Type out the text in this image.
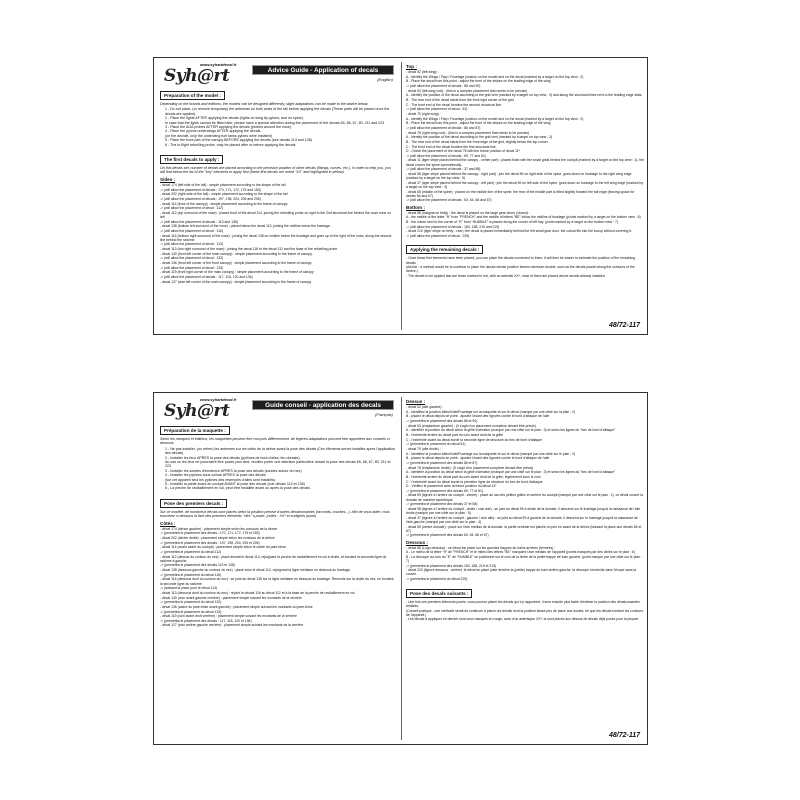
www.syhartdecal.fr
Syh@rt	Advice Guide - Application of decals
(English)
Preparation of the model :

Depending on the brands and editions, the models can be designed differently, slight adaptations can be made to the advice below.

1 - Do not place, (or remove temporary) the antennas on both sides of the tail before applying the decals (These parts will be placed once the decals are applied).
2 - Place the lights AFTER applying the decals (lights on wing tip pylons, and on spine).
In case that the lights cannot be fitted later, please have a special attention during the placement of the decals 65, 66, 67, 80, 211 and 223
3 - Place the AOA probes AFTER applying the decals (probes around the nose).
4 - Place the pylons underwings AFTER applying the decals.
(on the aircraft, only the underwing fuel tanks pylons were installed)
5 - Place the front part of the canopy BEFORE applying the decals (see decals 114 and 136)
6 - The in-flight refuelling probe, may be placed after or before applying the decals
The first decals to apply :

On this decals set, number of decals are placed according to the precision position of other decals (fittings, curves, etc.). In order to help you, you will find below the list of the "key" elements to apply first (these first decals are noted "XX" and highlighted in yellow).

Sides :

- decal 174 (left side of the tail) : simple placement according to the shape of the tail

-> (will allow the placement of decals : 170, 171, 172, 175 and 183)

- decal 202 (right side of the tail) : simple placement according to the shape of the tail

-> (will allow the placement of decals : 197, 198, 204, 205 and 206)

- decal 114 (front of the canopy) : simple placement according to the frame of canopy.

-> (will allow the placement of decal : 112)

- decal 112 (top surround of the nose) : placed front of the decal 114, joining the refuelling probe on right to the 2nd structural line behind the nose cone on left

-> (will allow the placement of decals : 113 and 138)

- decal 138 (bottom left surround of the nose) : placed below the decal 112, joining the midline below the fuselage.

-> (will allow the placement of decal : 116)

- decal 116 (bottom right surround of the nose) : joining the decal 138 on midline below the fuselage and goes up to the right of the nose, along the second line behind the radome

-> (will allow the placement of decal : 113)

- decal 113 (low right surround of the nose) : joining the decal 116 to the decal 112 and the base of the refuelling probe

- decal 130 (front left corner of the main canopy) : simple placement according to the frame of canopy.

-> (will allow the placement of decal : 132)

- decal 136 (front left corner of the front canopy) : simple placement according to the frame of canopy.

-> (will allow the placement of decal : 133)

- decal 119 (front right corner of the main canopy) : simple placement according to the frame of canopy

-> (will allow the placement of decals : 117, 118, 120 and 136)

- decal 127 (rear left corner of the main canopy) : simple placement according to the frame of canopy

Top :

- decal 52 (left wing) :

A - Identify the Wings / Flap / Fuselage junction on the model and on the decal (marked by a target on the top view : 2)

B - Place the decal from this point - adjust the front of the stripes on the leading edge of the wing

-> (will allow the placement of decals : 88 and 90)

- decal 53 (left wing root) : (this is a complex placement that needs to be precise)

A - Identify the position of the decal according to the grid vent (marked by a target on top view : 3) and along the structural lines next to the leading edge slats.

B - The rear end of the decal starts from the front right corner of the grid.

C - The front end of the decal borders the second structural line.

-> (will allow the placement of decal : 51)

- decal 70 (right wing) :

A - Identify the Wings / Flap / Fuselage junction on the model and on the decal (marked by a target on the top view : 2)

B - Place the decal from this point - adjust the front of the stripes on the leading edge of the wing

-> (will allow the placement of decals : 86 and 87)

- decal 78 (right wing root) : (this is a complex placement that needs to be precise)

A - Identify the position of the decal according to the grid vent (marked by a target on top view : 3)

B - The rear end of the decal starts from the front edge of the grid, slightly below the top corner.

C - The front end of the decal borders the first structural line.

D - Check the placement of the decal 78 with the future position of decal 11*

-> (will allow the placement of decals : 69, 77 and 81)

- decal 11 (tiger stripe placed behind the canopy - center part) : placed flush with the small grids behind the cockpit (marked by a target on the top view : 1). the decal covers the spine symmetrically.

-> (will allow the placement of decals : 37 and 58)

- decal 58 (tiger stripe placed behind the canopy - right part) : join the decal 59 on right side of the spine, goes down on fuselage to the right wing edge (marked by a target on the top view : 5)

- decal 37 (tiger stripe placed behind the canopy - left part) : join the decal 59 on left side of the spine, goes down on fuselage to the left wing edge (marked by a target on the top view : 4)

- decal 65 (middle of the spine) : placed on the middle line of the spine, the rear of the middle part is fitted slightly forward the tail edge (leaving space for decals 66 and 67)

-> (will allow the placement of decals : 63, 64, 66 and 67)

Bottom :

- decal 88 (insignia on belly) : the decal is placed on the large gear doors (closed) :

A - the middle of the letter "H" from "FRENCH" and the middle of letters "BE" follow the midline of fuselage (points marked by a target on the bottom view : 6)

B - the cutout next to the corner of "E" from "HUMBLE" is placed along the corner of left bay. (point marked by a target on the bottom view : 7)

-> (will allow the placement of decals : 183, 188, 215 and 219)

- decal 210 (tiger stripe on belly - rear) :the decal is placed immediately behind the left small gear door, the cutout fits into the scoop without covering it.

-> (will allow the placement of decal : 225)

Applying the remaining decals :

- Once these first elements have been placed, you can place the decals connected to them, it will then be easier to estimate the position of the remaining decals

(Advice : a method would be to continue to place the decals whose position leaves minimum doubts, such as the decals placed along the contours of the device.)

- The decals to be applied last are those marked in red, with an asterisk XX*, most of them are placed above decals already installed

48/72-117
www.syhartdecal.fr
Syh@rt	Guide conseil - application des decals
(Français)
Préparation de la maquette :

Selon les marques et éditions, les maquettes peuvent être conçues différemment, de légères adaptations peuvent être apportées aux conseils ci-dessous.

1 - Ne pas installer, (ou retirer) les antennes sur les côtés de la dérive avant la pose des décals (Ces éléments seront installés après l'application des décals)
2 - Installer les feux APRES la pose des décals (pylônes de bout d'ailes, feu dorsale).
Au cas où les feux ne pourraient être posés plus tard, veuillez porter une attention particulière durant la pose des decals 65, 66, 67, 80, 211 et 223
3 - Installer les sondes d'incidence APRES la pose des décals (sondes autour du nez).
4 - Installer les pylônes sous voilure APRES la pose des décals
(sur cet appareil seul les pylônes des réservoirs d'ailes sont installés).
5 - Installer la partie avant du cockpit AVANT la pose des décals (voir décals 114 et 136)
6 - La perche de ravitaillement en vol, peut être installée avant ou après la pose des décals.
Pose des premiers decals :

Sur ce modèle, de nombreux décals sont placés selon la position précise d'autres décalcomanies (raccords, courbes...). Afin de vous aider, vous trouverez ci-dessous la liste des premiers éléments "clés" à poser. (notés : XX* et surlignés jaune)

Côtés :

- décal 174 (dérive gauche) : placement simple selon les contours de la dérive

-> (permettra le placement des décals : 170, 171, 172, 175 et 183)

- décal 202 (dérive droite) : placement simple selon les contours de la dérive

-> (permettra le placement des décals : 197, 198, 204, 205 et 206)

- décal 114 (avant cadre du cockpit) : placement simple selon le cadre du pare-brise.

-> (permettra le placement du décal 112)

- décal 112 (dessus du contour du nez) : placé devant le décal 114, rejoignant la perche de ravitaillement en vol à droite, et bordant la seconde ligne du radôme à gauche

-> (permettra le placement des décals 113 et 138)

- décal 138 (dessous gauche du contour du nez) : placé sous le décal 112, rejoignant la ligne médiane en dessous du fuselage.

-> (permettra le placement du décal 116)

- décal 116 (dessous droit du contour du nez) : se joint au décal 138 sur la ligne médiane en dessous du fuselage. Remonte sur la droite du nez, en bordant la seconde ligne du radôme

-> (laissant la place pour le décal 113)

- décal 113 (dessous droit du contour du nez) : rejoint le décals 116 au décal 112 et à la base de la perche de ravitaillement en vol.

- décal 130 (coin avant gauche verrière) : placement simple suivant les montants de la verrière

-> (permettra le placement du décal 132)

- décal 136 (cadre du pare-brise avant gauche) : placement simple suivant les montants du pare-brise

-> (permettra le placement du décal 133)

- décal 119 (coin avant droit verrière) : placement simple suivant les montants de la verrière

-> (permettra le placement des décals : 117, 118, 120 et 136)

- décal 127 (coin arrière gauche verrière) : placement simple suivant les montants de la verrière

Dessus :

- décal 52 (aile gauche) :

A - Identifiez la jonction Ailes/Volet/Fuselage sur la maquette et sur le décal (marqué par une cible sur la plan : 2)

B - placez le décal depuis ce point - ajustez l'avant des tigrures contre le bord d'attaque de l'aile

-> (permettra le placement des décals 88 et 90)

- décal 53 (emplanture gauche) : (Il s'agit d'un placement complexe devant être précis)

A - identifier la position du décal selon la grille d'aération (marqué par une cible sur le plan : 3) et selon les lignes du "bec de bord d'attaque"

B - l'extrémité arrière du décal part du coin avant droit de la grille

C - l'extrémité avant du décal borde la seconde ligne de structure du bec de bord d'attaque

-> (permettra le placement du décal 51)

- décal 70 (aile droite) :

A - Identifiez la jonction Ailes/Volet/Fuselage sur la maquette et sur le décal (marqué par une cible sur le plan : 2)

B - placez le décal depuis ce point - ajustez l'avant des tigrures contre le bord d'attaque de l'aile

-> (permettra le placement des décals 86 et 87)

- décal 78 (emplanture droite) : (Il s'agit d'un placement complexe devant être précis)

A - identifier la position du décal selon la grille d'aération (marqué par une cible sur le plan : 3) et selon les lignes du "bec de bord d'attaque"

B - l'extrémité arrière du décal part du coin avant droit de la grille, légèrement sous le coin

C - l'extrémité avant du décal borde la première ligne de structure du bec de bord d'attaque

D - Vérifiez le placement avec la future position du décal 11*

-> (permettra le placement des décals 69, 77 et 81)

- décal 59 (tigrure à l'arrière du cockpit - centre) : placé au ras des petites grilles en arrière du cockpit (marqué par une cible sur le plan : 1). ce décal couvre la dorsale de manière symétrique.

-> (permettra le placement des décals 37 et 58)

- décal 58 (tigrure à l'arrière du cockpit - droite / coin aile) : se joint au décal 59 à droite de la dorsale, il descend sur le fuselage jusqu'à la naissance de l'aile droite (marqué par une cible sur le plan : 5)

- décal 37 (tigrure à l'arrière du cockpit - gauche / coin aile) : se joint au décal 59 à gauche de la dorsale, il descend sur le fuselage jusqu'à la naissance de l'aile gauche (marqué par une cible sur le plan : 4)

- décal 65 (centre dorsale) : placé sur l'axe médian de la dorsale, la partie centrale est placée un peu en avant de la dérive (laissant la place aux décals 66 et 67)

-> (permettra le placement des décals 63, 64, 66 et 67)

Dessous :

- décal 88 (Logo dessous) : ce décal est placé sur les grandes trappes du trains arrières (fermées) :

A - Le milieu de la lettre "H" de "FRENCH" et le milieu des lettres "BE" marquent l'axe médian de l'appareil (points marqués par des cibles sur le plan : 6)

B - La découpe au coin du "E" de "HUMBLE" se positionne sur le coin de la limite de la petite trappe de train gauche. (point marqué par une cible sur le plan : 7)

-> (permettra le placement des décals 183, 188, 215 et 219)

- décal 210 (tigrure dessous - arrière) :le décal se place juste derrière la (petite) trappe du train arrière gauche, la découpe s'emboîte dans l'écope sans la couvrir.

-> (permettra le placement du décal 225)

Pose des decals suivants :

- Une fois ces premiers éléments posés, vous pourrez placer les décals qui s'y rapportent, il sera ensuite plus facile d'estimer la position des décalcomanies restants.

(Conseil pratique : une méthode serait de continuer à placer les décals dont la position laisse peu de place aux doutes, tel que les décals bordant les contours de l'appareil.)

- Les décals à appliquer en dernier sont ceux marqués en rouge, avec d'un astérisque XX*, la sont placés aux dessus de décals déjà posés pour la plupart.

48/72-117
